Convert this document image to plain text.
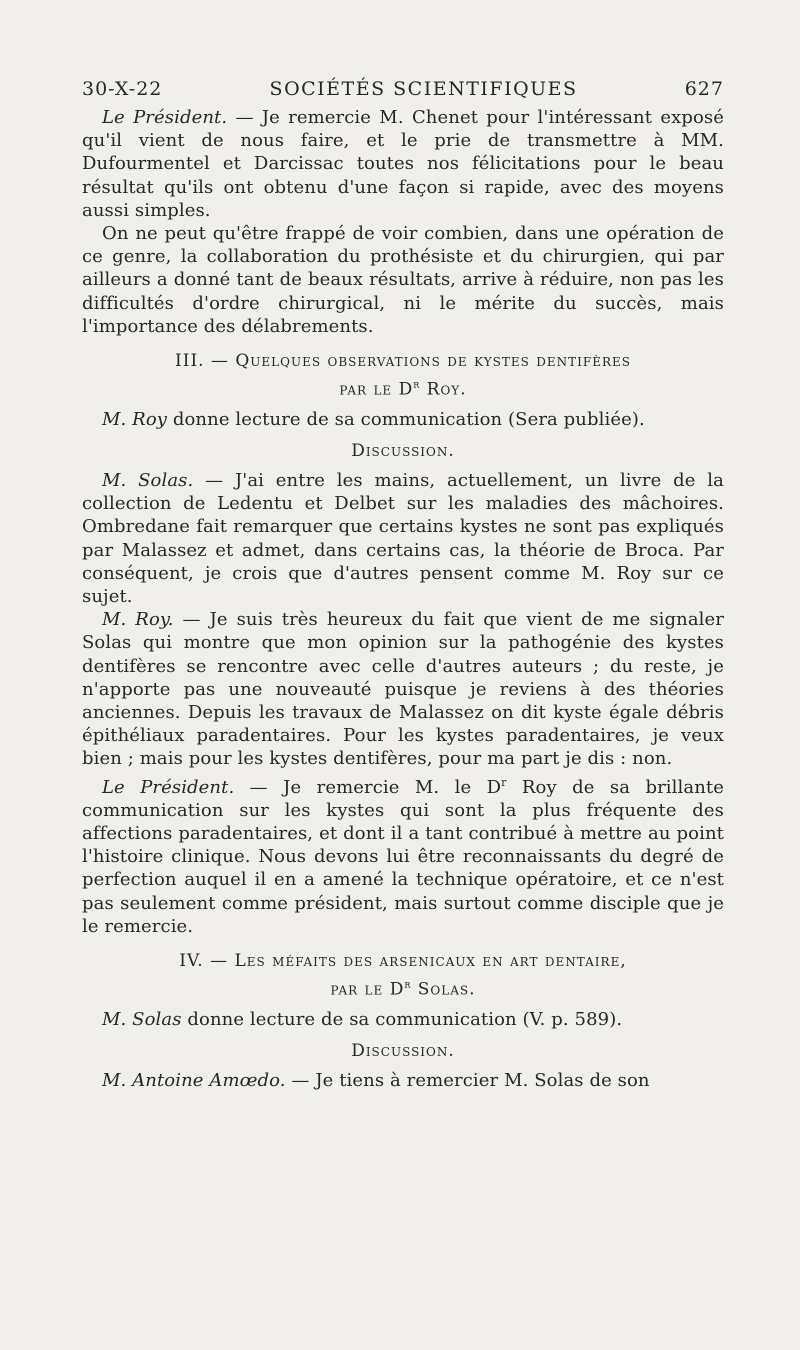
30-X-22	SOCIÉTÉS SCIENTIFIQUES	627

Le Président. — Je remercie M. Chenet pour l'intéressant exposé qu'il vient de nous faire, et le prie de transmettre à MM. Dufourmentel et Darcissac toutes nos félicitations pour le beau résultat qu'ils ont obtenu d'une façon si rapide, avec des moyens aussi simples.

On ne peut qu'être frappé de voir combien, dans une opération de ce genre, la collaboration du prothésiste et du chirurgien, qui par ailleurs a donné tant de beaux résultats, arrive à réduire, non pas les difficultés d'ordre chirurgical, ni le mérite du succès, mais l'importance des délabrements.

III. — Quelques observations de kystes dentifères
par le $D^r$ Roy.

M. Roy donne lecture de sa communication (Sera publiée).

Discussion.

M. Solas. — J'ai entre les mains, actuellement, un livre de la collection de Ledentu et Delbet sur les maladies des mâchoires. Ombredane fait remarquer que certains kystes ne sont pas expliqués par Malassez et admet, dans certains cas, la théorie de Broca. Par conséquent, je crois que d'autres pensent comme M. Roy sur ce sujet.

M. Roy. — Je suis très heureux du fait que vient de me signaler Solas qui montre que mon opinion sur la pathogénie des kystes dentifères se rencontre avec celle d'autres auteurs ; du reste, je n'apporte pas une nouveauté puisque je reviens à des théories anciennes. Depuis les travaux de Malassez on dit kyste égale débris épithéliaux paradentaires. Pour les kystes paradentaires, je veux bien ; mais pour les kystes dentifères, pour ma part je dis : non.

Le Président. — Je remercie M. le $D^r$ Roy de sa brillante communication sur les kystes qui sont la plus fréquente des affections paradentaires, et dont il a tant contribué à mettre au point l'histoire clinique. Nous devons lui être reconnaissants du degré de perfection auquel il en a amené la technique opératoire, et ce n'est pas seulement comme président, mais surtout comme disciple que je le remercie.

IV. — Les méfaits des arsenicaux en art dentaire,
par le $D^r$ Solas.

M. Solas donne lecture de sa communication (V. p. 589).

Discussion.

M. Antoine Amœdo. — Je tiens à remercier M. Solas de son
